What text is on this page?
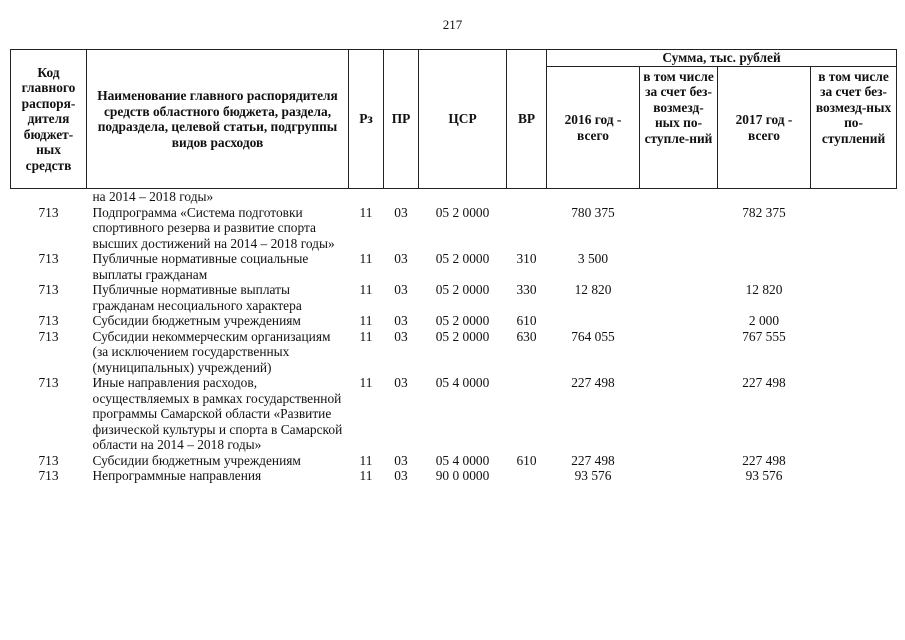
217
Код главного распоря-дителя бюджет-ных средств	Наименование главного распорядителя средств областного бюджета, раздела, подраздела, целевой статьи, подгруппы видов расходов	Рз	ПР	ЦСР	ВР	Сумма, тыс. рублей			
						2016 год - всего	в том числе за счет без-возмезд-ных по-ступле-ний	2017 год - всего	в том числе за счет без-возмезд-ных по-ступлений
	на 2014 – 2018 годы»								
713	Подпрограмма «Система подготовки спортивного резерва и развитие спорта высших достижений на 2014 – 2018 годы»	11	03	05 2 0000		780 375		782 375	
713	Публичные нормативные социальные выплаты гражданам	11	03	05 2 0000	310	3 500			
713	Публичные нормативные выплаты гражданам несоциального характера	11	03	05 2 0000	330	12 820		12 820	
713	Субсидии бюджетным учреждениям	11	03	05 2 0000	610			2 000	
713	Субсидии некоммерческим организациям (за исключением государственных (муниципальных) учреждений)	11	03	05 2 0000	630	764 055		767 555	
713	Иные направления расходов, осуществляемых в рамках государственной программы Самарской области «Развитие физической культуры и спорта в Самарской области на 2014 – 2018 годы»	11	03	05 4 0000		227 498		227 498	
713	Субсидии бюджетным учреждениям	11	03	05 4 0000	610	227 498		227 498	
713	Непрограммные направления	11	03	90 0 0000		93 576		93 576	
